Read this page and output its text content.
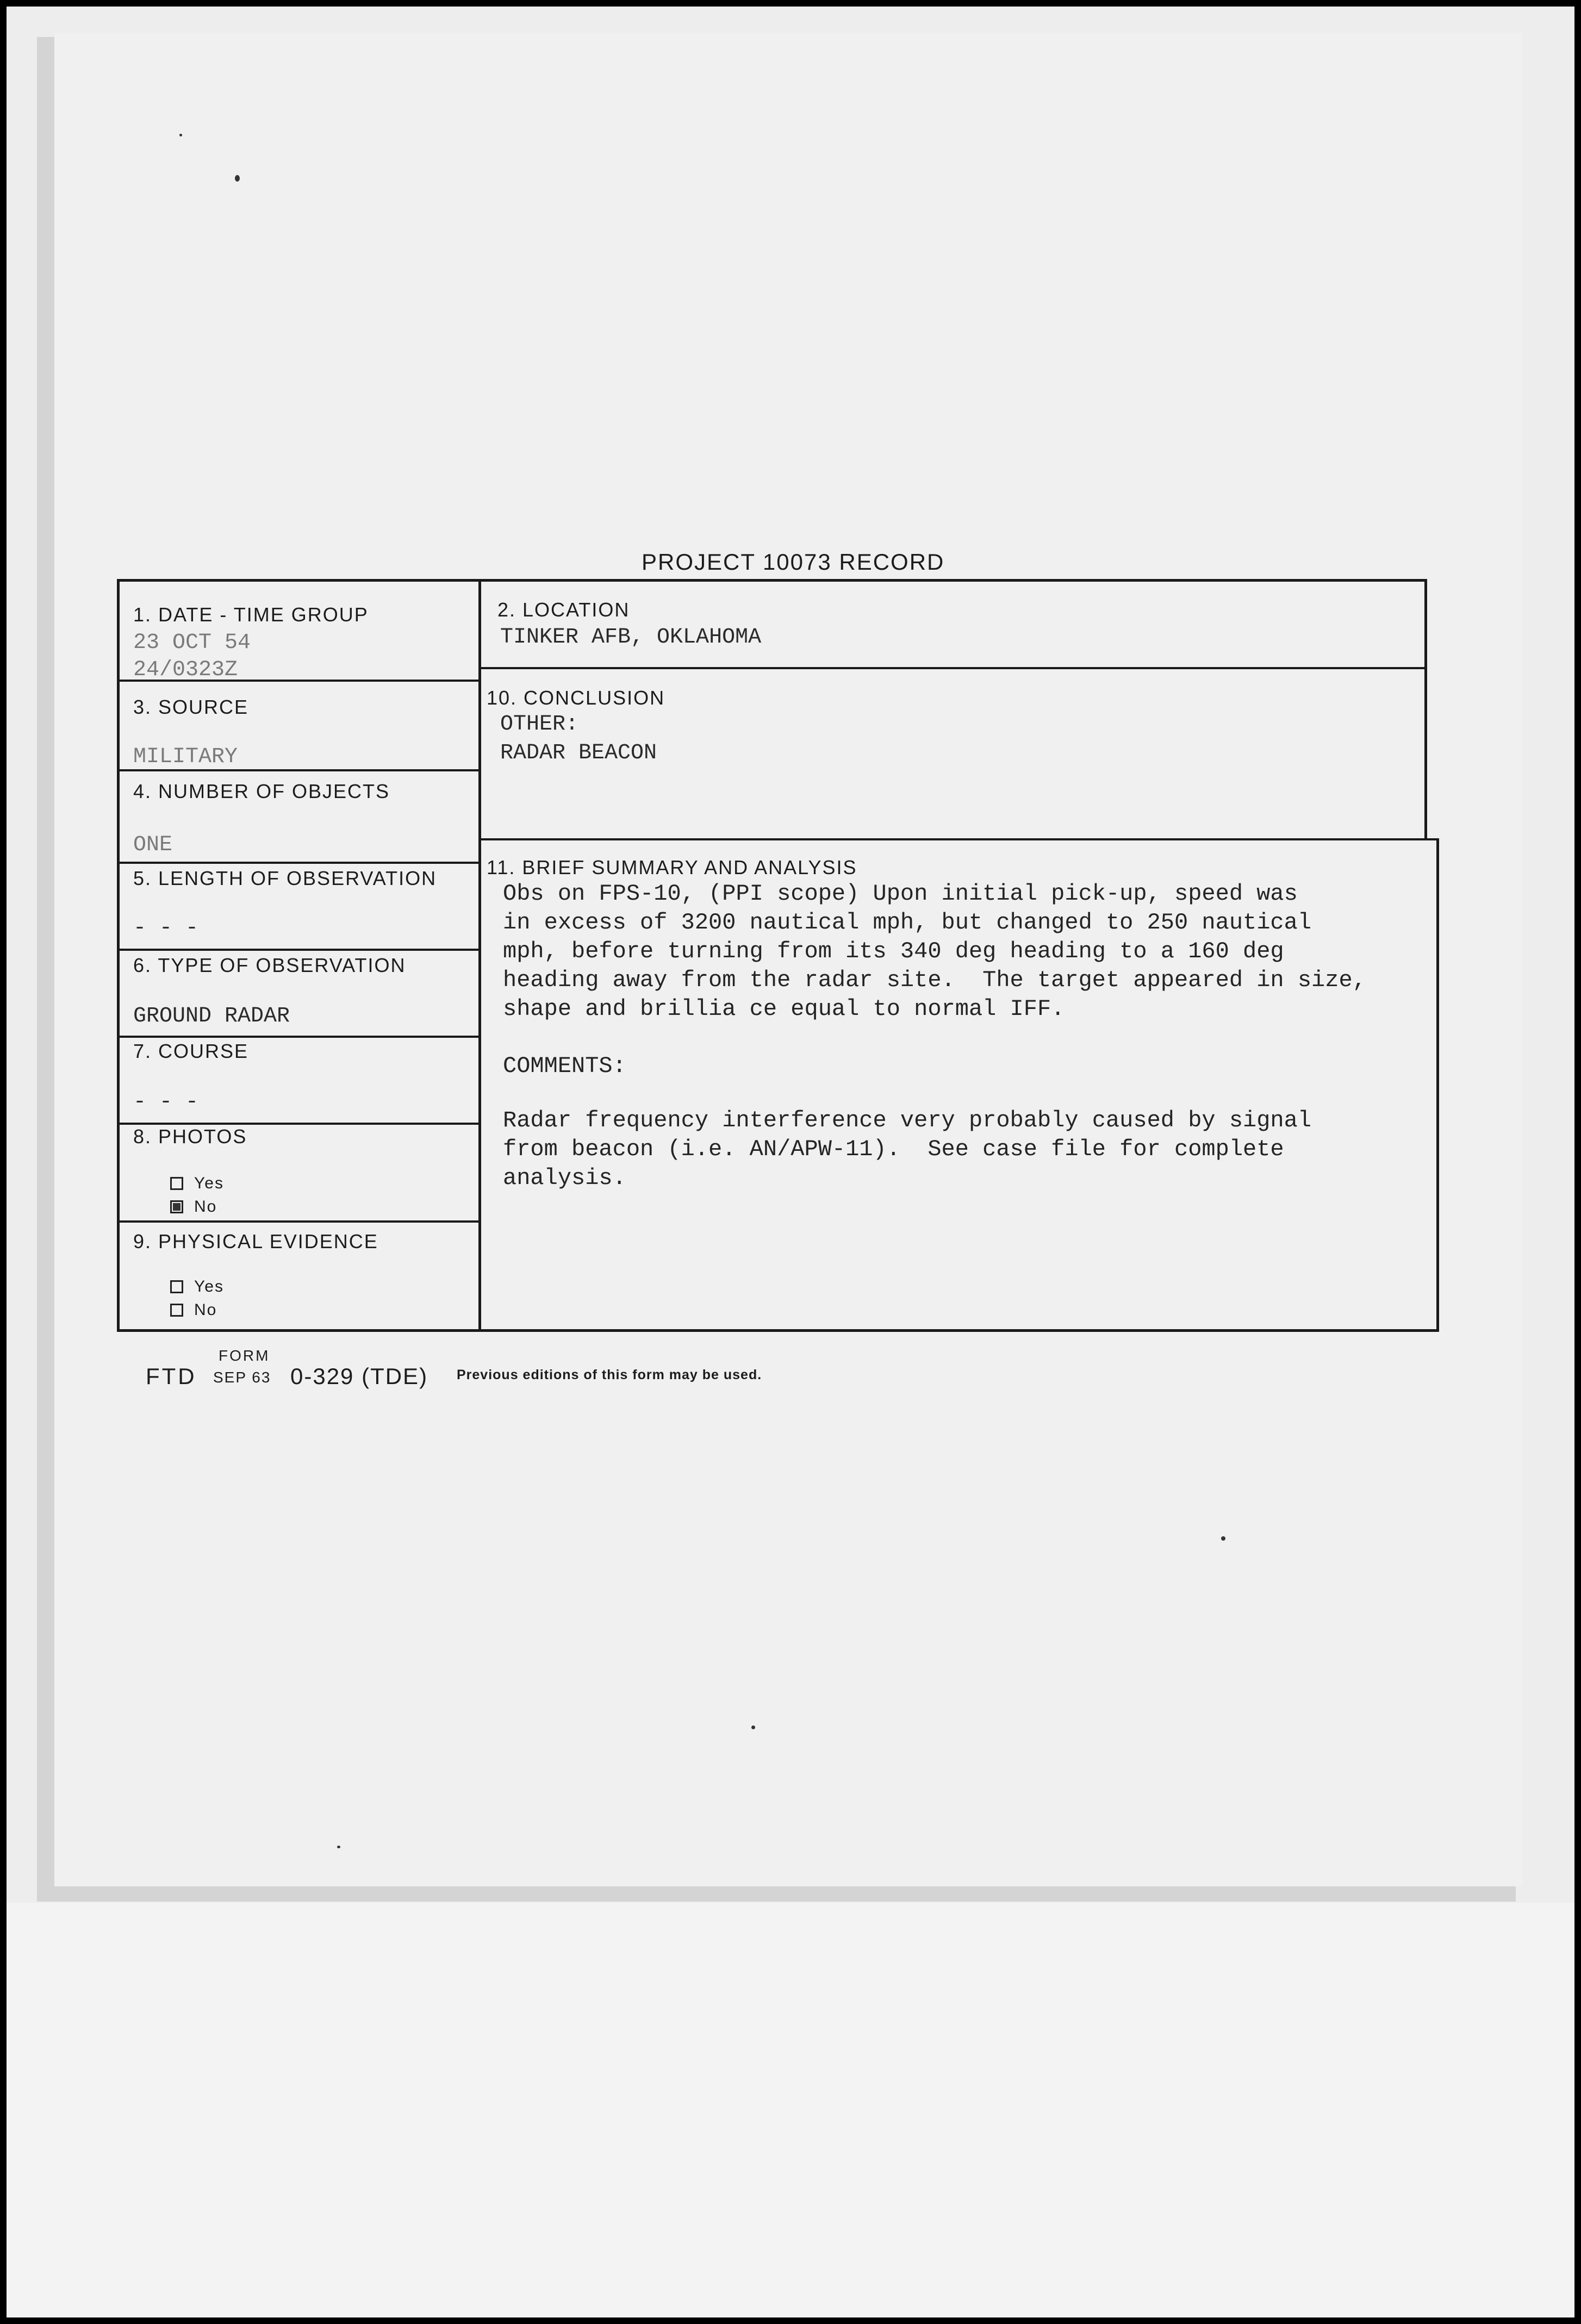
PROJECT 10073 RECORD
1. DATE - TIME GROUP
23 OCT 54
24/0323Z
2. LOCATION
TINKER AFB, OKLAHOMA
3. SOURCE
MILITARY
4. NUMBER OF OBJECTS
ONE
5. LENGTH OF OBSERVATION
- - -
6. TYPE OF OBSERVATION
GROUND RADAR
7. COURSE
- - -
8. PHOTOS
Yes
No
9. PHYSICAL EVIDENCE
Yes
No
10. CONCLUSION
OTHER:
RADAR BEACON
11. BRIEF SUMMARY AND ANALYSIS
Obs on FPS-10, (PPI scope) Upon initial pick-up, speed was
in excess of 3200 nautical mph, but changed to 250 nautical
mph, before turning from its 340 deg heading to a 160 deg
heading away from the radar site.  The target appeared in size,
shape and brillia ce equal to normal IFF.
COMMENTS:
Radar frequency interference very probably caused by signal
from beacon (i.e. AN/APW-11).  See case file for complete
analysis.
FORM
FTD SEP 63 0-329 (TDE) Previous editions of this form may be used.
